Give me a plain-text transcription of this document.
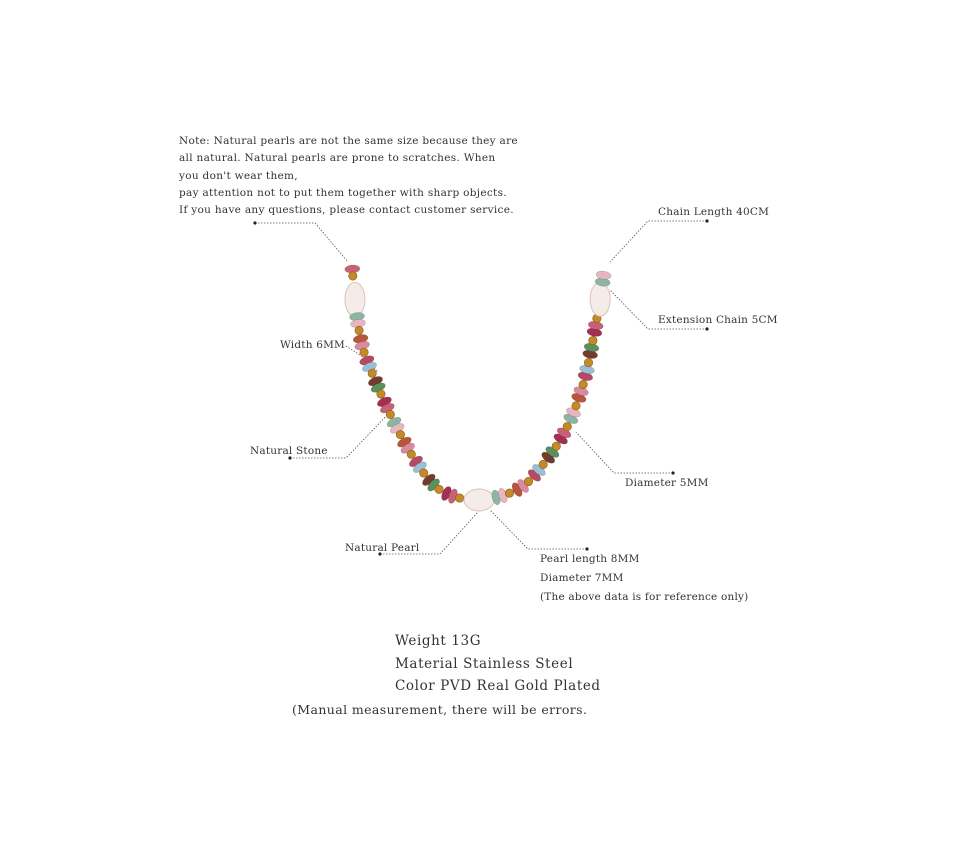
Note: Natural pearls are not the same size because they are
all natural. Natural pearls are prone to scratches. When
you don't wear them,
pay attention not to put them together with sharp objects.
If you have any questions, please contact customer service.	Chain Length 40CM
Extension Chain 5CM
Width 6MM
Natural Stone
Diameter 5MM
Natural Pearl
Pearl length 8MM
Diameter 7MM
(The above data is for reference only)
Weight 13G
Material Stainless Steel
Color PVD Real Gold Plated
(Manual measurement, there will be errors.
